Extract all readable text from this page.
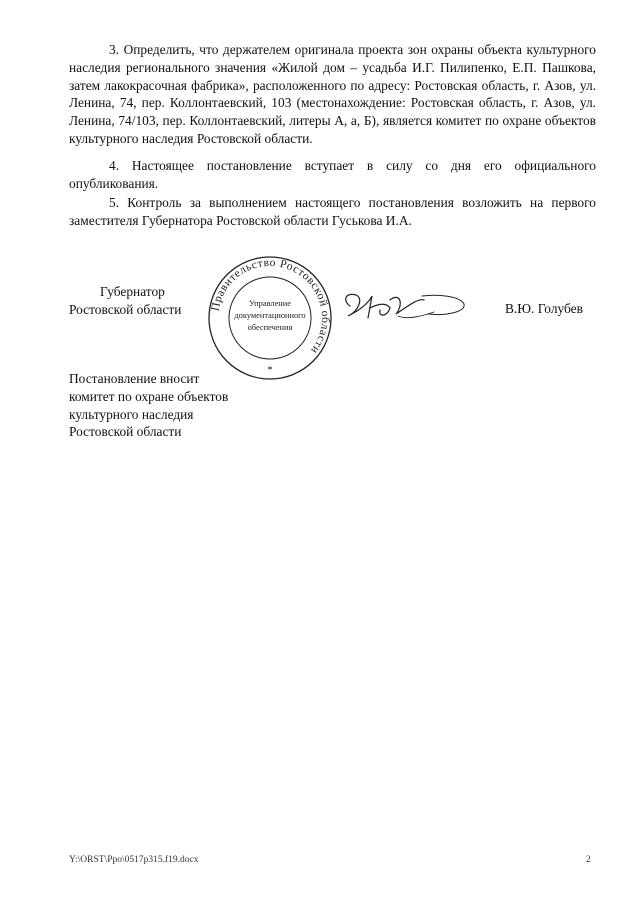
3. Определить, что держателем оригинала проекта зон охраны объекта культурного наследия регионального значения «Жилой дом – усадьба И.Г. Пилипенко, Е.П. Пашкова, затем лакокрасочная фабрика», расположенного по адресу: Ростовская область, г. Азов, ул. Ленина, 74, пер. Коллонтаевский, 103 (местонахождение: Ростовская область, г. Азов, ул. Ленина, 74/103, пер. Коллонтаевский, литеры А, а, Б), является комитет по охране объектов культурного наследия Ростовской области.

4. Настоящее постановление вступает в силу со дня его официального опубликования.

5. Контроль за выполнением настоящего постановления возложить на первого заместителя Губернатора Ростовской области Гуськова И.А.

Губернатор
Ростовской области Правительство Ростовской области
Управление
документационного
обеспечения
*
В.Ю. Голубев
Постановление вносит
комитет по охране объектов
культурного наследия
Ростовской области
Y:\ORST\Ppo\0517p315.f19.docx	2
